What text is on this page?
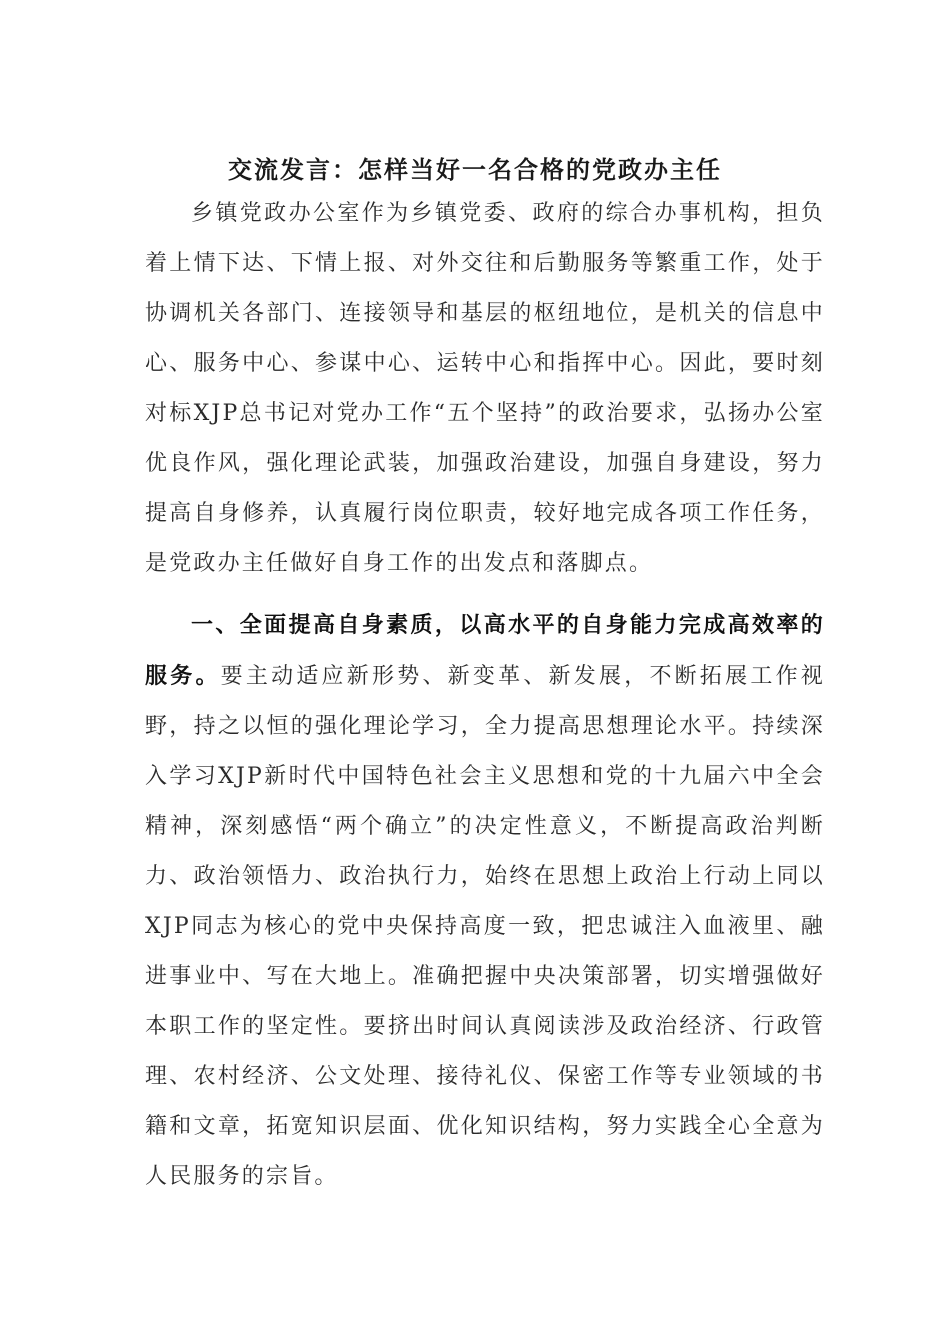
交流发言：怎样当好一名合格的党政办主任

乡镇党政办公室作为乡镇党委、政府的综合办事机构，担负着上情下达、下情上报、对外交往和后勤服务等繁重工作，处于协调机关各部门、连接领导和基层的枢纽地位，是机关的信息中心、服务中心、参谋中心、运转中心和指挥中心。因此，要时刻对标XJP总书记对党办工作“五个坚持”的政治要求，弘扬办公室优良作风，强化理论武装，加强政治建设，加强自身建设，努力提高自身修养，认真履行岗位职责，较好地完成各项工作任务，是党政办主任做好自身工作的出发点和落脚点。

一、全面提高自身素质，以高水平的自身能力完成高效率的服务。要主动适应新形势、新变革、新发展，不断拓展工作视野，持之以恒的强化理论学习，全力提高思想理论水平。持续深入学习XJP新时代中国特色社会主义思想和党的十九届六中全会精神，深刻感悟“两个确立”的决定性意义，不断提高政治判断力、政治领悟力、政治执行力，始终在思想上政治上行动上同以XJP同志为核心的党中央保持高度一致，把忠诚注入血液里、融进事业中、写在大地上。准确把握中央决策部署，切实增强做好本职工作的坚定性。要挤出时间认真阅读涉及政治经济、行政管理、农村经济、公文处理、接待礼仪、保密工作等专业领域的书籍和文章，拓宽知识层面、优化知识结构，努力实践全心全意为人民服务的宗旨。
